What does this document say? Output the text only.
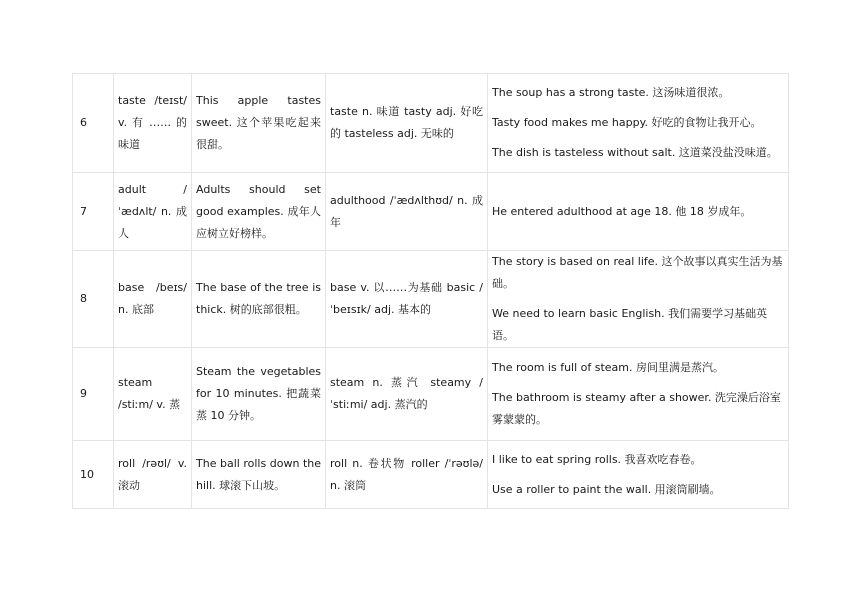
6	taste /teɪst/ v. 有 …… 的味道	This apple tastes sweet. 这个苹果吃起来很甜。	taste n. 味道 tasty adj. 好吃的 tasteless adj. 无味的	The soup has a strong taste. 这汤味道很浓。

Tasty food makes me happy. 好吃的食物让我开心。

The dish is tasteless without salt. 这道菜没盐没味道。

7	adult /ˈædʌlt/ n. 成人	Adults should set good examples. 成年人应树立好榜样。	adulthood /ˈædʌlthʊd/ n. 成年	He entered adulthood at age 18. 他 18 岁成年。

8	base /beɪs/ n. 底部	The base of the tree is thick. 树的底部很粗。	base v. 以……为基础 basic /ˈbeɪsɪk/ adj. 基本的	The story is based on real life. 这个故事以真实生活为基础。

We need to learn basic English. 我们需要学习基础英语。

9	steam /stiːm/ v. 蒸	Steam the vegetables for 10 minutes. 把蔬菜蒸 10 分钟。	steam n. 蒸汽 steamy /ˈstiːmi/ adj. 蒸汽的	The room is full of steam. 房间里满是蒸汽。

The bathroom is steamy after a shower. 洗完澡后浴室雾蒙蒙的。

10	roll /rəʊl/ v. 滚动	The ball rolls down the hill. 球滚下山坡。	roll n. 卷状物 roller /ˈrəʊlə/ n. 滚筒	I like to eat spring rolls. 我喜欢吃春卷。

Use a roller to paint the wall. 用滚筒刷墙。
